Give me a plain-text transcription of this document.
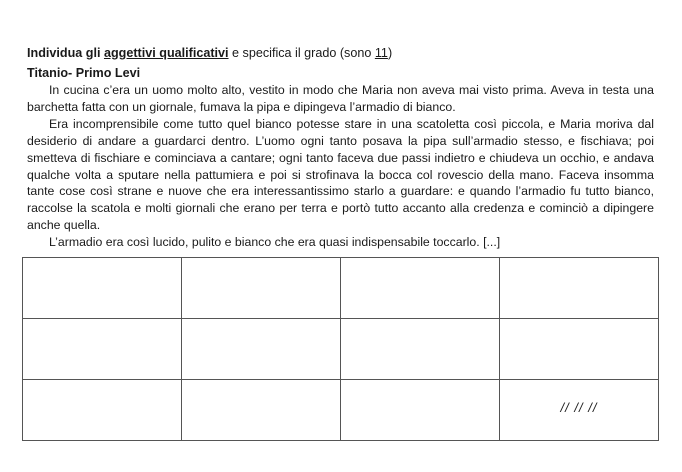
Individua gli aggettivi qualificativi e specifica il grado (sono 11)
Titanio- Primo Levi

In cucina c’era un uomo molto alto, vestito in modo che Maria non aveva mai visto prima. Aveva in testa una barchetta fatta con un giornale, fumava la pipa e dipingeva l’armadio di bianco.

Era incomprensibile come tutto quel bianco potesse stare in una scatoletta così piccola, e Maria moriva dal desiderio di andare a guardarci dentro. L’uomo ogni tanto posava la pipa sull’armadio stesso, e fischiava; poi smetteva di fischiare e cominciava a cantare; ogni tanto faceva due passi indietro e chiudeva un occhio, e andava qualche volta a sputare nella pattumiera e poi si strofinava la bocca col rovescio della mano. Faceva insomma tante cose così strane e nuove che era interessantissimo starlo a guardare: e quando l’armadio fu tutto bianco, raccolse la scatola e molti giornali che erano per terra e portò tutto accanto alla credenza e cominciò a dipingere anche quella.

L’armadio era così lucido, pulito e bianco che era quasi indispensabile toccarlo. [...]

			// // //
